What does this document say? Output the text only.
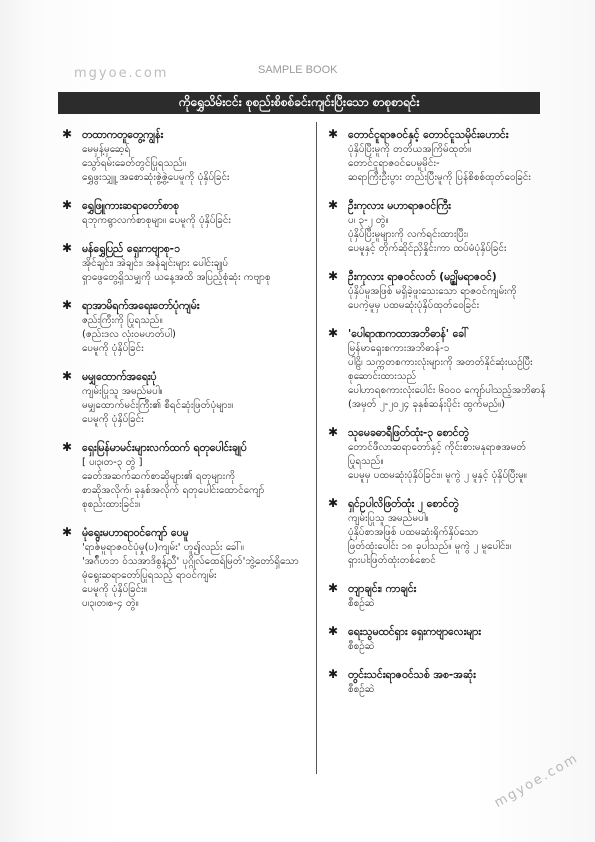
mgyoe.com	SAMPLE BOOK
ကိုရွှေသိမ်းငင်း စုစည်းစိစစ်ခင်းကျင်းပြီးသော စာစုစာရင်း
✱ တထာကတူတွေ့ကျွန်း
မေမှန့်မှဆေ့ရ်
သွော်ရမ်းခေတ်တွင်ပြုရသည်။
ရွှေဖွးသျှူ့ အစောဆုံးဇွဲ့ဇွဲ့ပေမူကို ပုံနှိပ်ခြင်း
✱ ရွှေဖြူကားဆရာတော်စာစု
ရဘုကရွာလက်စာစုမျာ။ ပေမူကို ပုံနှိပ်ခြင်း
✱ မန်ရွှေပြည် ရှေးကဗျာစု-၁
အိုင်ချင်း၊ အဲချင်း၊ အန်ချင်းများ ပေါင်းချုပ်
ရှာဖွေတွေ့ရှိသမျှကို ယနေ့အထိ အပြည့်စုံဆုံး ကဗျာစု
✱ ရာအာမိရက်အရေးတော်ပုံကျမ်း
ဇည်းကြီးကို ပြုရသည်။
(ဇည်းဒလ လုံးဝမပာတ်ပါ)
ပေမူကို ပုံနှိပ်ခြင်း
✱ မမျှထောက်အရေးပုံ
ကျမ်းပြုသူ အမည်မပါ။
မမျှထောက်မင်းကြီး၏ စီရင်ဆုံးဖြတ်ပုံများ။
ပေမူကို ပုံနှိပ်ခြင်း
✱ ရှေးမြန်မာမင်းများလက်ထက် ရတုပေါင်းချုပ်
[ ပ၊၃၊တ-၃ တွဲ ]
ခေတ်အဆက်ဆက်စာဆိုများ၏ ရတုများကို
စာဆိုအလိုက်၊ ခုနှစ်အလိုက် ရတုပေါင်းထောင်ကျော်
စုစည်းထားခြင်း။
✱ မုံရွေးမဟာရာဝင်ကျော် ပေမူ
'ရာဇ်မူရာဇဝင်ပုံမှု(ပ)ကျမ်း' ဟူ၍လည်း ခေါ်။
'အဂ်ဳဟဘ ဝ်သအာဒိစွန့်ညီ' ပုဂ္ဂိုလ်ထေရ်မြတ်'ဘွဲ့တော်ရှိသော
မုံရွေးဆရာတော်ပြုရသည့် ရာဝင်ကျမ်း
ပေမူကို ပုံနှိပ်ခြင်း။
ပ၊၃၊တ၊စ-၄ တွဲ။
✱ တောင်ငူရာဇဝင်နှင့် တောင်ငူသမိုင်းဟောင်း
ပုံနှိပ်ပြီးမူကို တတိယအကြိမ်ထုတ်။
တောင်ငူရာဇဝင်ပေမူမိုင်း-
ဆရာကြီးဦးပွား တည်းပြီးမူကို ပြန်စိစစ်ထုတ်ဝေခြင်း
✱ ဦးကုလား မဟာရာဇဝင်ကြီး
ပ၊ ၃-၂ တွဲ။
ပုံနှိပ်ပြီးမူများကို လက်ရင်းထားပြီး၊
ပေမူနှင့် တိုက်ဆိုင်ညှိနှိုင်းကာ ထပ်မံပုံနှိပ်ခြင်း
✱ ဦးကုလား ရာဇဝင်လတ် (မဉ္ဈိမရာဇဝင်)
ပုံနှိပ်မူအဖြစ် မရှိခဲ့ဖူးသေးသော ရာဇဝင်ကျမ်းကို
ပေကဲ့မူမှ ပထမဆုံးပုံနှိပ်ထုတ်ဝေခြင်း
✱ 'ပေါရာဏကထာအဘိဓာန်' ခေါ်
မြန်မာရှေးစကားအဘိဓာန်-၁
ပါဠိ၊ သက္ကတစကားလုံးများကို အတတ်နိုင်ဆုံးယဉ်ပြီး
စုဆောင်းထားသည်
ပေါဟာရစကားလုံးပေါင်း ၆၀၀၀ ကျော်ပါသည့်အဘိဓာန်
(အမှတ် ၂-၂၀၂၄ ခုနှစ်ဆန်းပိုင်း ထွက်မည်။)
✱ သုမေခဓာရီဖြတ်ထုံး-၃ စောင်တွဲ
တောင်ဖီလာဆရာတော်နှင့် ကိုင်းစားမနုရာဇအမတ်
ပြုရသည်။
ပေမူမှ ပထမဆုံးပုံနှိပ်ခြင်း။ မူကွဲ ၂ မူနှင့် ပုံနှိပ်ပြီးမူ။
✱ ရှင်ဥပါလိဖြတ်ထုံး ၂ စောင်တွဲ
ကျမ်းပြုသူ အမည်မပါ။
ပုံနှိပ်စာအဖြစ် ပထမဆုံးရိုက်နှိပ်သော
ဖြတ်ထုံးပေါင်း ၁၈ ခုပါသည်။ မူကွဲ ၂ မူပေါင်း။
ရှားပါးဖြတ်ထုံးတစ်စောင်
✱ တျာချင်း၊ ကာချင်း
စီစဉ်ဆဲ
✱ ရေးသွမထင်ရှား ရှေးကဗျာလေးများ
စီစဉ်ဆဲ
✱ တွင်းသင်းရာဇဝင်သစ် အစ-အဆုံး
စီစဉ်ဆဲ
mgyoe.com
